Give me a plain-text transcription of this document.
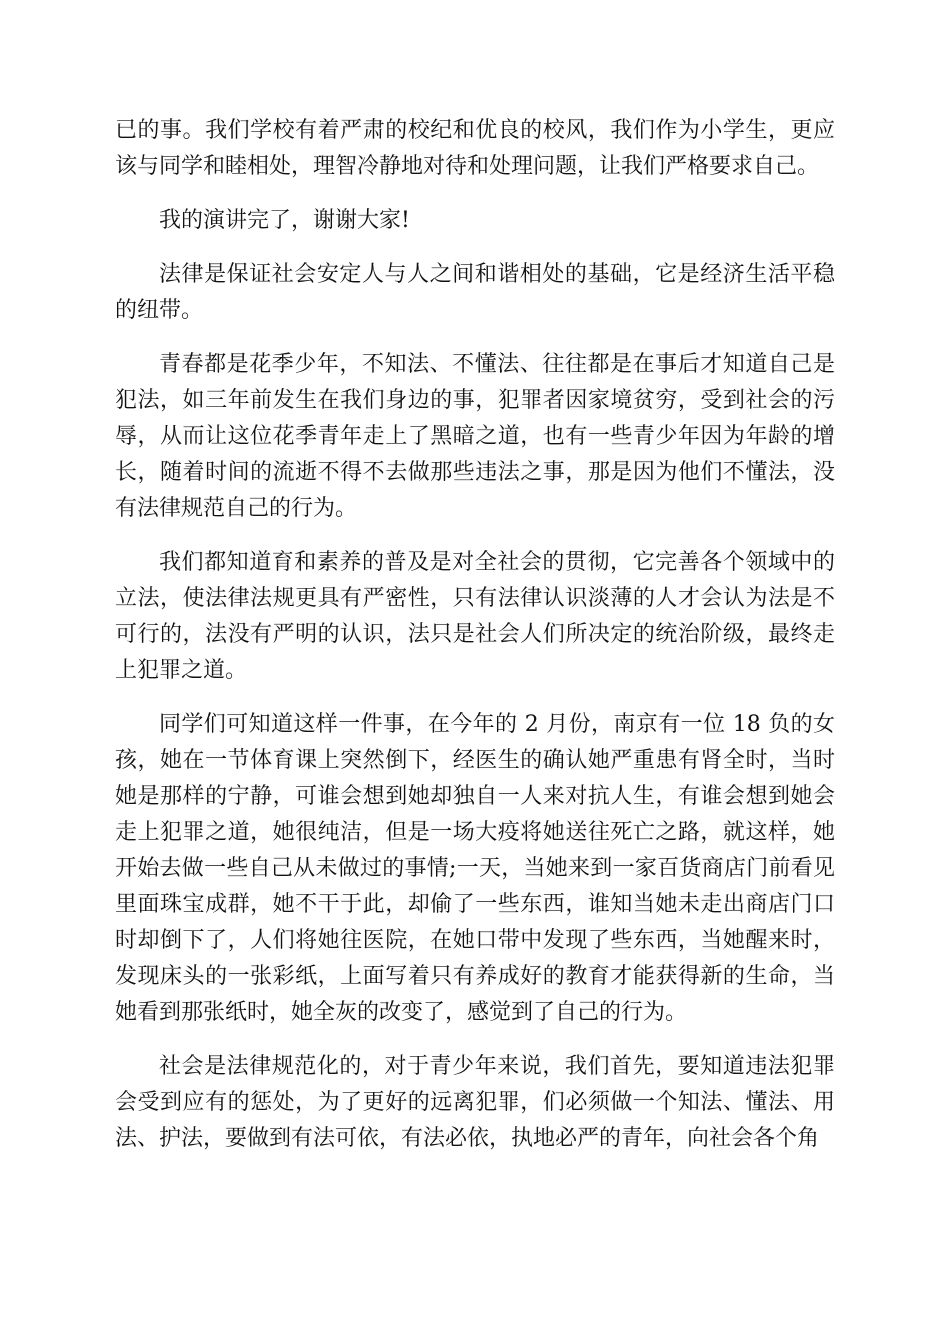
已的事。我们学校有着严肃的校纪和优良的校风，我们作为小学生，更应该与同学和睦相处，理智冷静地对待和处理问题，让我们严格要求自己。

我的演讲完了，谢谢大家!

法律是保证社会安定人与人之间和谐相处的基础，它是经济生活平稳的纽带。

青春都是花季少年，不知法、不懂法、往往都是在事后才知道自己是犯法，如三年前发生在我们身边的事，犯罪者因家境贫穷，受到社会的污辱，从而让这位花季青年走上了黑暗之道，也有一些青少年因为年龄的增长，随着时间的流逝不得不去做那些违法之事，那是因为他们不懂法，没有法律规范自己的行为。

我们都知道育和素养的普及是对全社会的贯彻，它完善各个领域中的立法，使法律法规更具有严密性，只有法律认识淡薄的人才会认为法是不可行的，法没有严明的认识，法只是社会人们所决定的统治阶级，最终走上犯罪之道。

同学们可知道这样一件事，在今年的 2 月份，南京有一位 18 负的女孩，她在一节体育课上突然倒下，经医生的确认她严重患有肾全时，当时她是那样的宁静，可谁会想到她却独自一人来对抗人生，有谁会想到她会走上犯罪之道，她很纯洁，但是一场大疫将她送往死亡之路，就这样，她开始去做一些自己从未做过的事情;一天，当她来到一家百货商店门前看见里面珠宝成群，她不干于此，却偷了一些东西，谁知当她未走出商店门口时却倒下了，人们将她往医院，在她口带中发现了些东西，当她醒来时，发现床头的一张彩纸，上面写着只有养成好的教育才能获得新的生命，当她看到那张纸时，她全灰的改变了，感觉到了自己的行为。

社会是法律规范化的，对于青少年来说，我们首先，要知道违法犯罪会受到应有的惩处，为了更好的远离犯罪，们必须做一个知法、懂法、用法、护法，要做到有法可依，有法必依，执地必严的青年，向社会各个角
